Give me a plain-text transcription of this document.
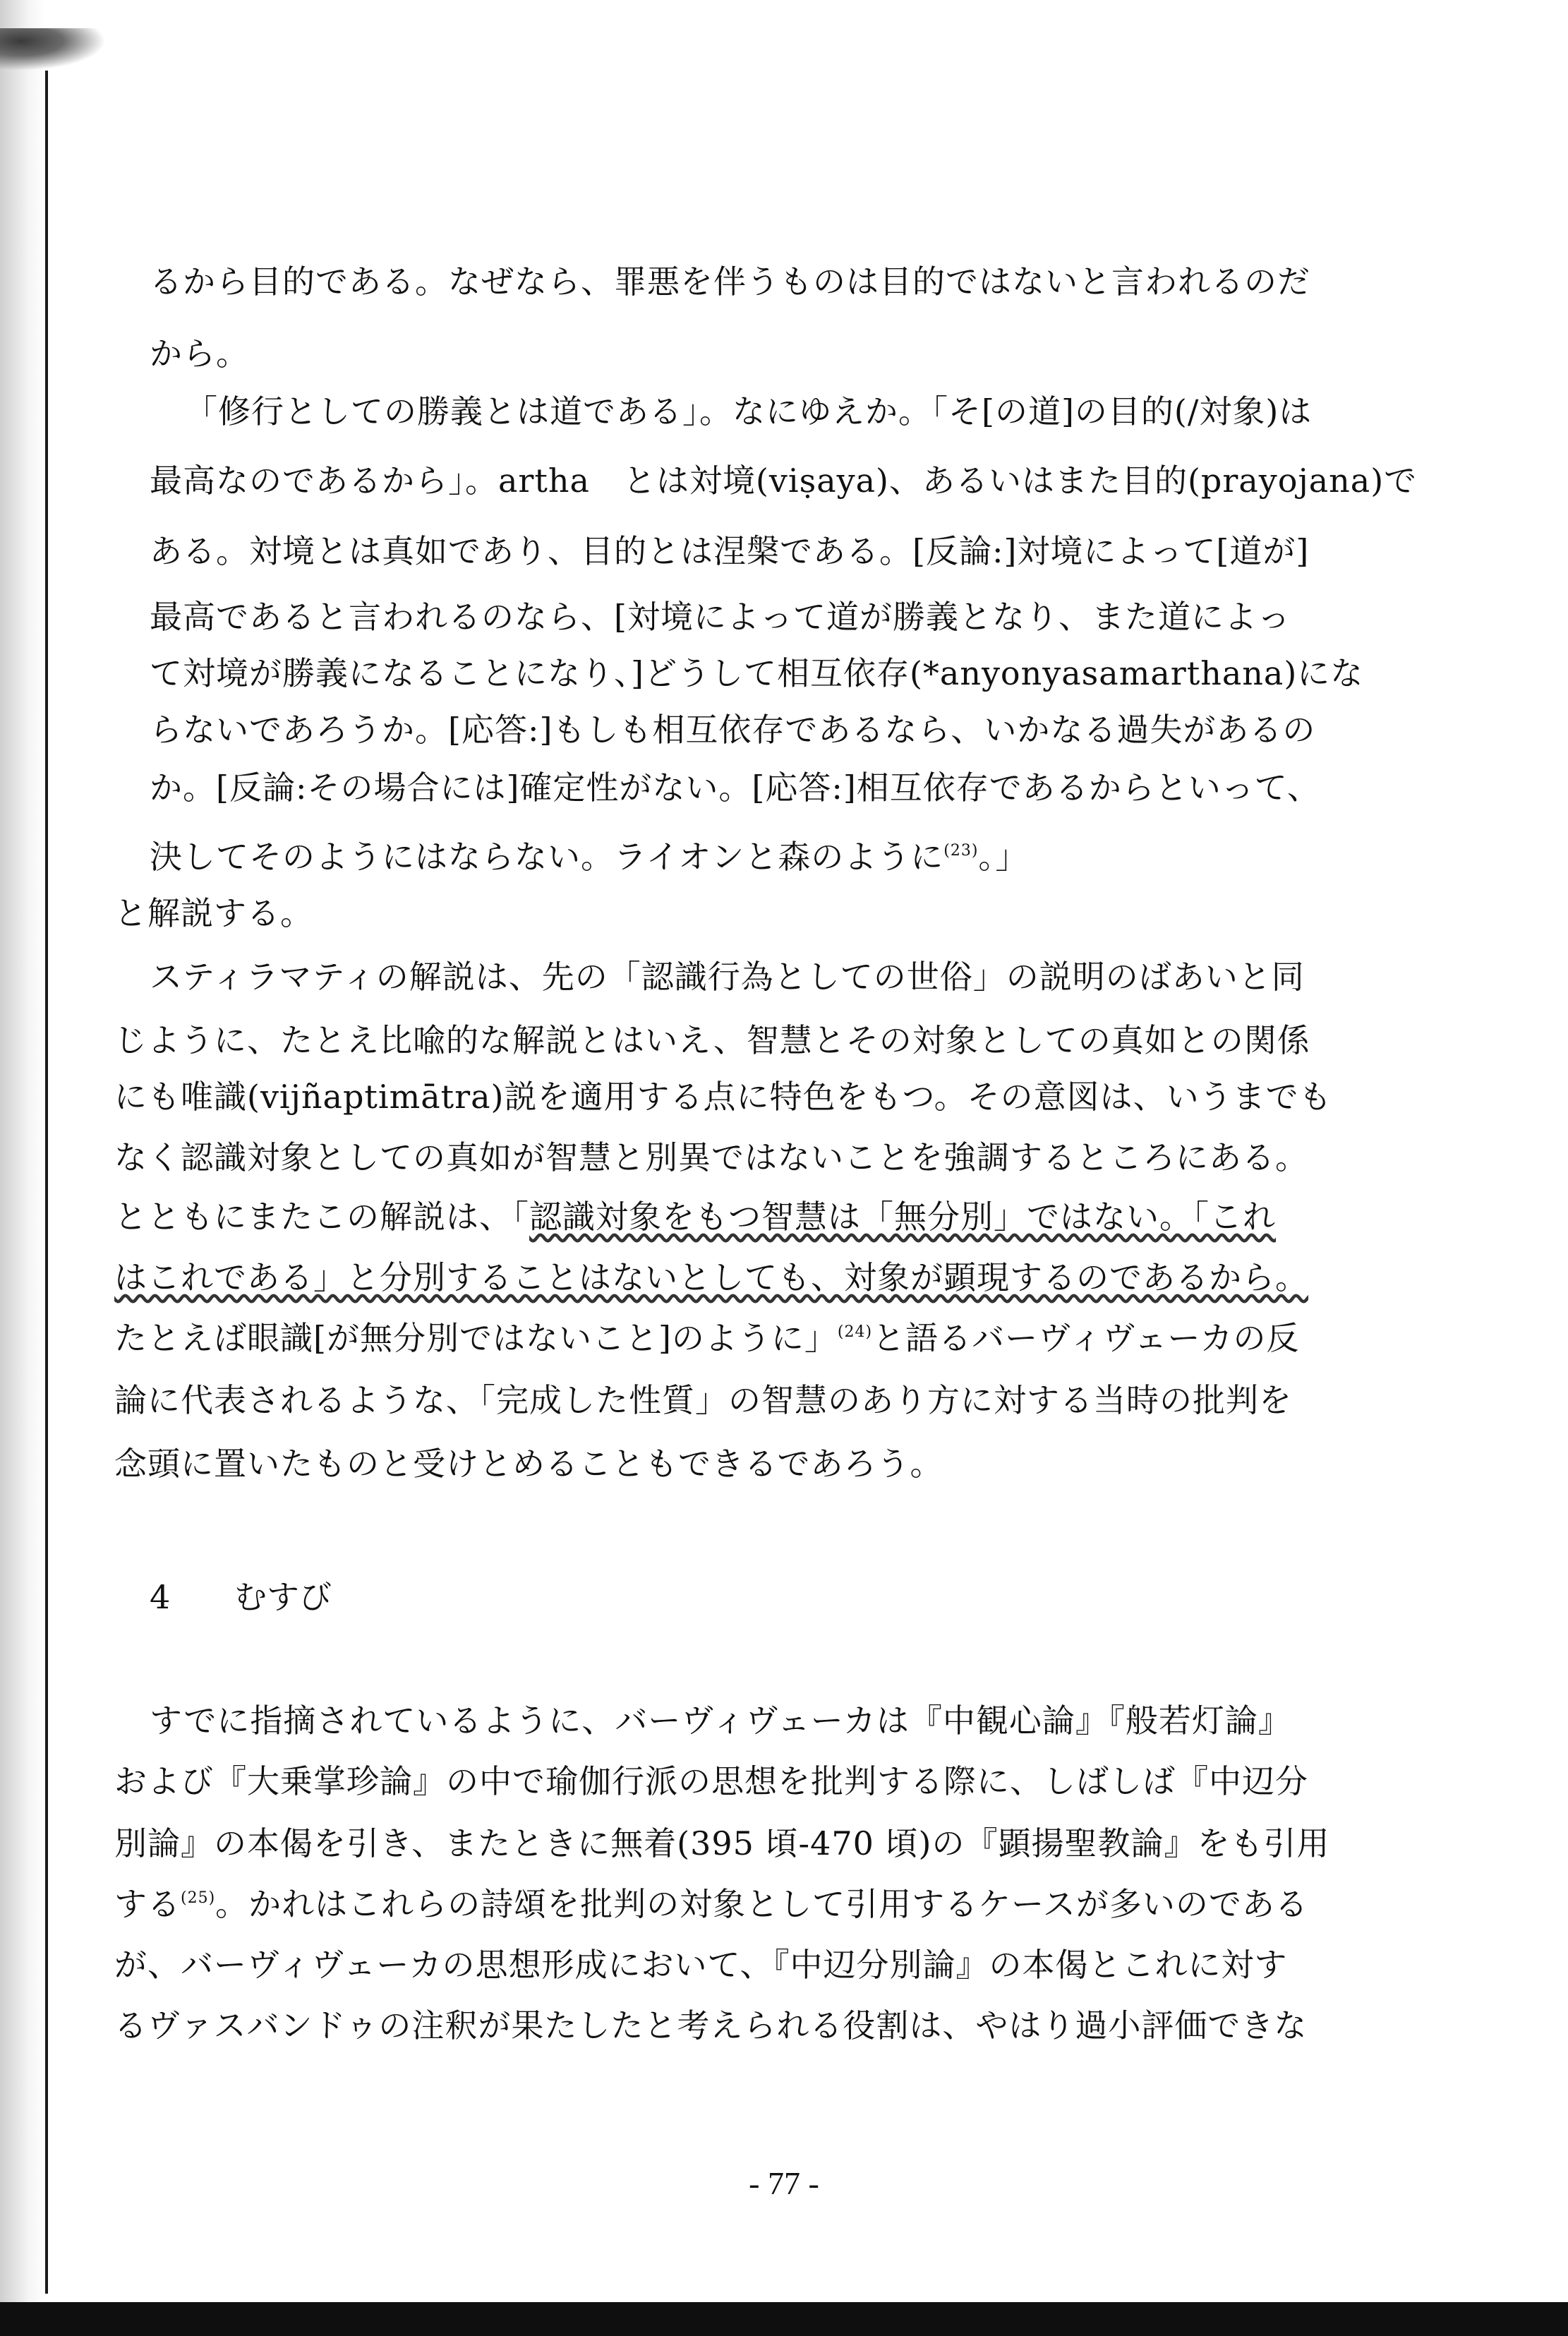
るから目的である。なぜなら、罪悪を伴うものは目的ではないと言われるのだ
から。
「修行としての勝義とは道である」。なにゆえか。「そ[の道]の目的(/対象)は
最高なのであるから」。artha　とは対境(viṣaya)、あるいはまた目的(prayojana)で
ある。対境とは真如であり、目的とは涅槃である。[反論:]対境によって[道が]
最高であると言われるのなら、[対境によって道が勝義となり、また道によっ
て対境が勝義になることになり、]どうして相互依存(*anyonyasamarthana)にな
らないであろうか。[応答:]もしも相互依存であるなら、いかなる過失があるの
か。[反論:その場合には]確定性がない。[応答:]相互依存であるからといって、
決してそのようにはならない。ライオンと森のように$^{(23)}$。」
と解説する。
スティラマティの解説は、先の「認識行為としての世俗」の説明のばあいと同
じように、たとえ比喩的な解説とはいえ、智慧とその対象としての真如との関係
にも唯識(vijñaptimātra)説を適用する点に特色をもつ。その意図は、いうまでも
なく認識対象としての真如が智慧と別異ではないことを強調するところにある。
とともにまたこの解説は、「認識対象をもつ智慧は「無分別」ではない。「これ
はこれである」と分別することはないとしても、対象が顕現するのであるから。
たとえば眼識[が無分別ではないこと]のように」$^{(24)}$と語るバーヴィヴェーカの反
論に代表されるような、「完成した性質」の智慧のあり方に対する当時の批判を
念頭に置いたものと受けとめることもできるであろう。
4 むすび
すでに指摘されているように、バーヴィヴェーカは『中観心論』『般若灯論』
および『大乗掌珍論』の中で瑜伽行派の思想を批判する際に、しばしば『中辺分
別論』の本偈を引き、またときに無着(395 頃-470 頃)の『顕揚聖教論』をも引用
する$^{(25)}$。かれはこれらの詩頌を批判の対象として引用するケースが多いのである
が、バーヴィヴェーカの思想形成において、『中辺分別論』の本偈とこれに対す
るヴァスバンドゥの注釈が果たしたと考えられる役割は、やはり過小評価できな
- 77 -
